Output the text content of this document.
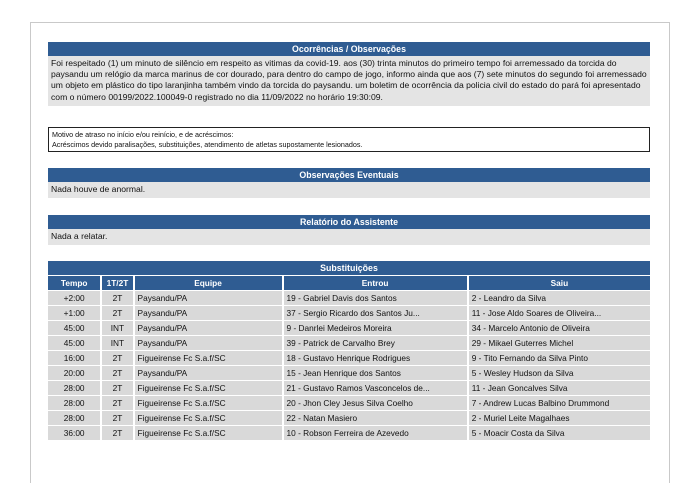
Ocorrências / Observações
Foi respeitado (1) um minuto de silêncio em respeito as vitimas da covid-19. aos (30) trinta minutos do primeiro tempo foi arremessado da torcida do paysandu um relógio da marca marinus de cor dourado, para dentro do campo de jogo, informo ainda que aos (7) sete minutos do segundo foi arremessado um objeto em plástico do tipo laranjinha também vindo da torcida do paysandu. um boletim de ocorrência da policia civil do estado do pará foi apresentado com o número 00199/2022.100049-0 registrado no dia 11/09/2022 no horário 19:30:09.
Motivo de atraso no início e/ou reinício, e de acréscimos:
Acréscimos devido paralisações, substituições, atendimento de atletas supostamente lesionados.
Observações Eventuais
Nada houve de anormal.
Relatório do Assistente
Nada a relatar.
Substituições
Tempo	1T/2T	Equipe	Entrou	Saiu
+2:00	2T	Paysandu/PA	19 - Gabriel Davis dos Santos	2 - Leandro da Silva
+1:00	2T	Paysandu/PA	37 - Sergio Ricardo dos Santos Ju...	11 - Jose Aldo Soares de Oliveira...
45:00	INT	Paysandu/PA	9 - Danrlei Medeiros Moreira	34 - Marcelo Antonio de Oliveira
45:00	INT	Paysandu/PA	39 - Patrick de Carvalho Brey	29 - Mikael Guterres Michel
16:00	2T	Figueirense Fc S.a.f/SC	18 - Gustavo Henrique Rodrigues	9 - Tito Fernando da Silva Pinto
20:00	2T	Paysandu/PA	15 - Jean Henrique dos Santos	5 - Wesley Hudson da Silva
28:00	2T	Figueirense Fc S.a.f/SC	21 - Gustavo Ramos Vasconcelos de...	11 - Jean Goncalves Silva
28:00	2T	Figueirense Fc S.a.f/SC	20 - Jhon Cley Jesus Silva Coelho	7 - Andrew Lucas Balbino Drummond
28:00	2T	Figueirense Fc S.a.f/SC	22 - Natan Masiero	2 - Muriel Leite Magalhaes
36:00	2T	Figueirense Fc S.a.f/SC	10 - Robson Ferreira de Azevedo	5 - Moacir Costa da Silva
